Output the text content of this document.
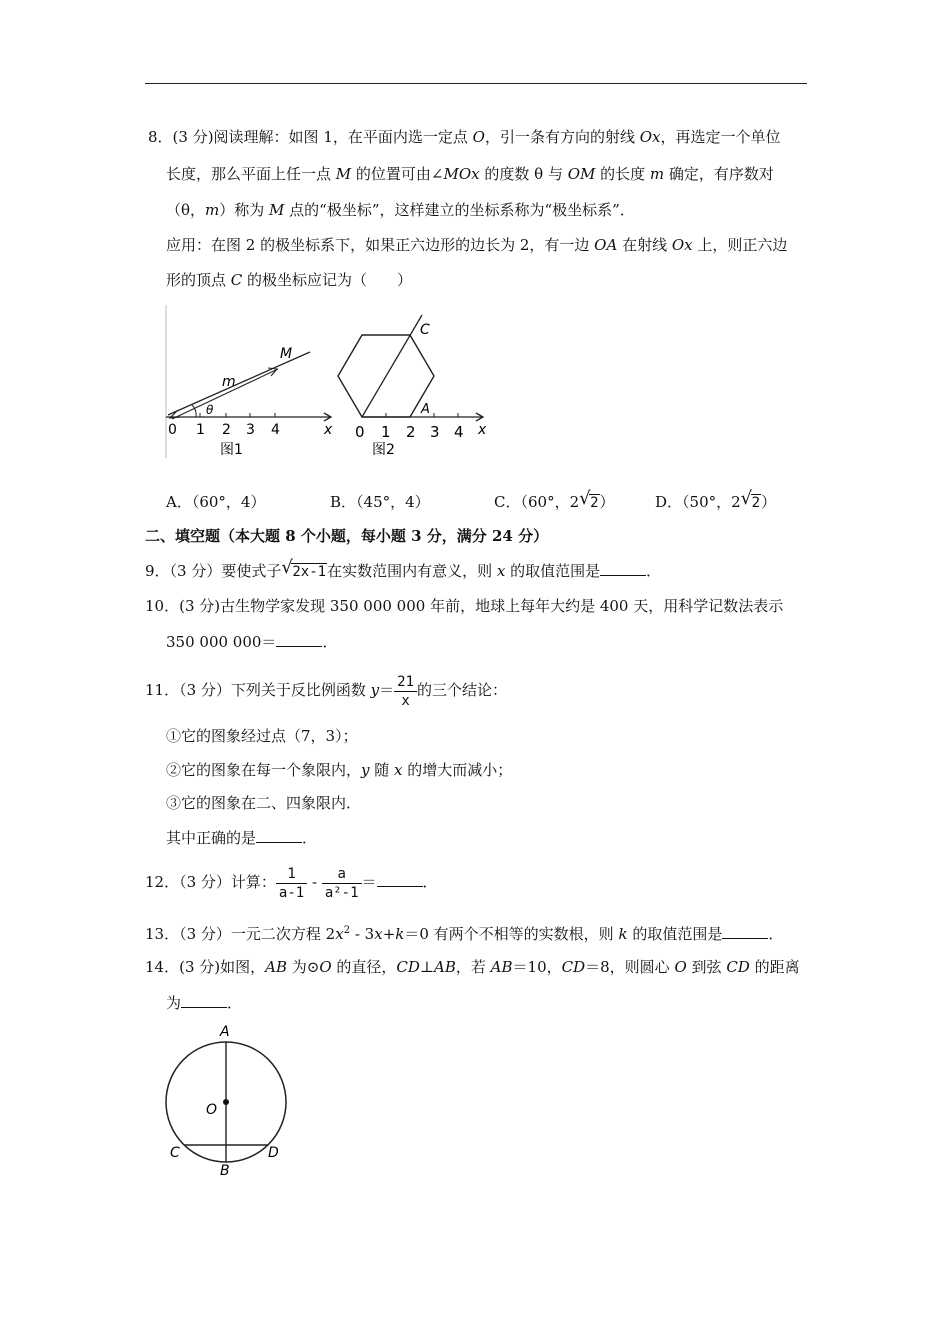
8．(3 分)阅读理解：如图 1，在平面内选一定点 O，引一条有方向的射线 Ox，再选定一个单位
长度，那么平面上任一点 M 的位置可由∠MOx 的度数 θ 与 OM 的长度 m 确定，有序数对
（θ，m）称为 M 点的“极坐标”，这样建立的坐标系称为“极坐标系”．
应用：在图 2 的极坐标系下，如果正六边形的边长为 2，有一边 OA 在射线 Ox 上，则正六边
形的顶点 C 的极坐标应记为（　　）
M
m
θ
0 1 2 3 4	x
图1
C
A
0 1 2 3 4 x
图2
A．（60°，4）	B．（45°，4）	C．（60°，2 √ 2）	D．（50°，2 √ 2）
二、填空题（本大题 8 个小题，每小题 3 分，满分 24 分）
9．（3 分）要使式子 √ 2x-1在实数范围内有意义，则 x 的取值范围是	．
10．(3 分)古生物学家发现 350 000 000 年前，地球上每年大约是 400 天，用科学记数法表示
350 000 000＝	．
11．（3 分）下列关于反比例函数 $y= \frac{21}{x}$ 的三个结论：
①它的图象经过点（7，3）；
②它的图象在每一个象限内，y 随 x 的增大而减小；
③它的图象在二、四象限内．
其中正确的是	．
12．（3 分）计算： $\frac{1}{a-1} - \frac{a}{\text{a²-1}}$ ＝	．
13．（3 分）一元二次方程 $2x^2 - 3x+k=0$ 有两个不相等的实数根，则 k 的取值范围是	．
14．(3 分)如图，AB 为⊙O 的直径，CD⊥AB，若 AB＝10，CD＝8，则圆心 O 到弦 CD 的距离
为	．
A
O
C	D
B
